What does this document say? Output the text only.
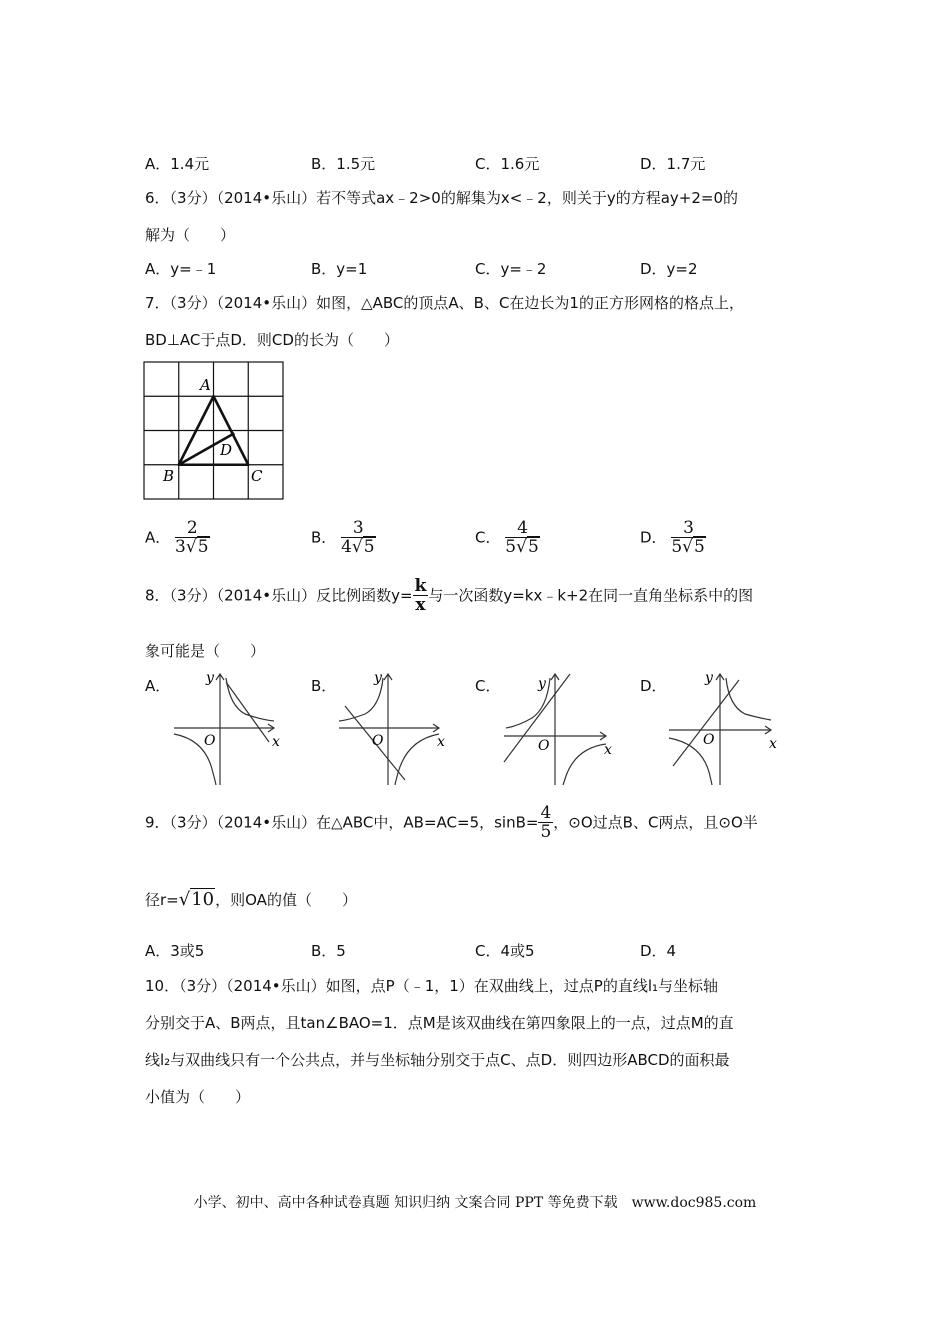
A．1.4元	B．1.5元	C．1.6元	D．1.7元
6．（3分）（2014•乐山）若不等式ax﹣2>0的解集为x<﹣2，则关于y的方程ay+2=0的
解为（　　）
A．y=﹣1	B．y=1	C．y=﹣2	D．y=2
7．（3分）（2014•乐山）如图，△ABC的顶点A、B、C在边长为1的正方形网格的格点上，
BD⊥AC于点D．则CD的长为（　　）
A
B	C
D
A． $\frac{2}{3√5}$	B． $\frac{3}{4√5}$	C． $\frac{4}{5√5}$	D． $\frac{3}{5√5}$
8．（3分）（2014•乐山）反比例函数$y= \frac{k}{x}$ 与一次函数y=kx﹣k+2在同一直角坐标系中的图
象可能是（　　）
A．	B．	C．	D．
x
y
O	x
y
O
x
y
O	x
y
O
9．（3分）（2014•乐山）在△ABC中，AB=AC=5，$\sin B= \frac{4}{5}$ ，⊙O过点B、C两点，且⊙O半
径r=√10，则OA的值（　　）
A．3或5	B．5	C．4或5	D．4
10．（3分）（2014•乐山）如图，点P（﹣1，1）在双曲线上，过点P的直线l₁与坐标轴
分别交于A、B两点，且tan∠BAO=1．点M是该双曲线在第四象限上的一点，过点M的直
线l₂与双曲线只有一个公共点，并与坐标轴分别交于点C、点D．则四边形ABCD的面积最
小值为（　　）
小学、初中、高中各种试卷真题 知识归纳 文案合同 PPT 等免费下载　www.doc985.com
